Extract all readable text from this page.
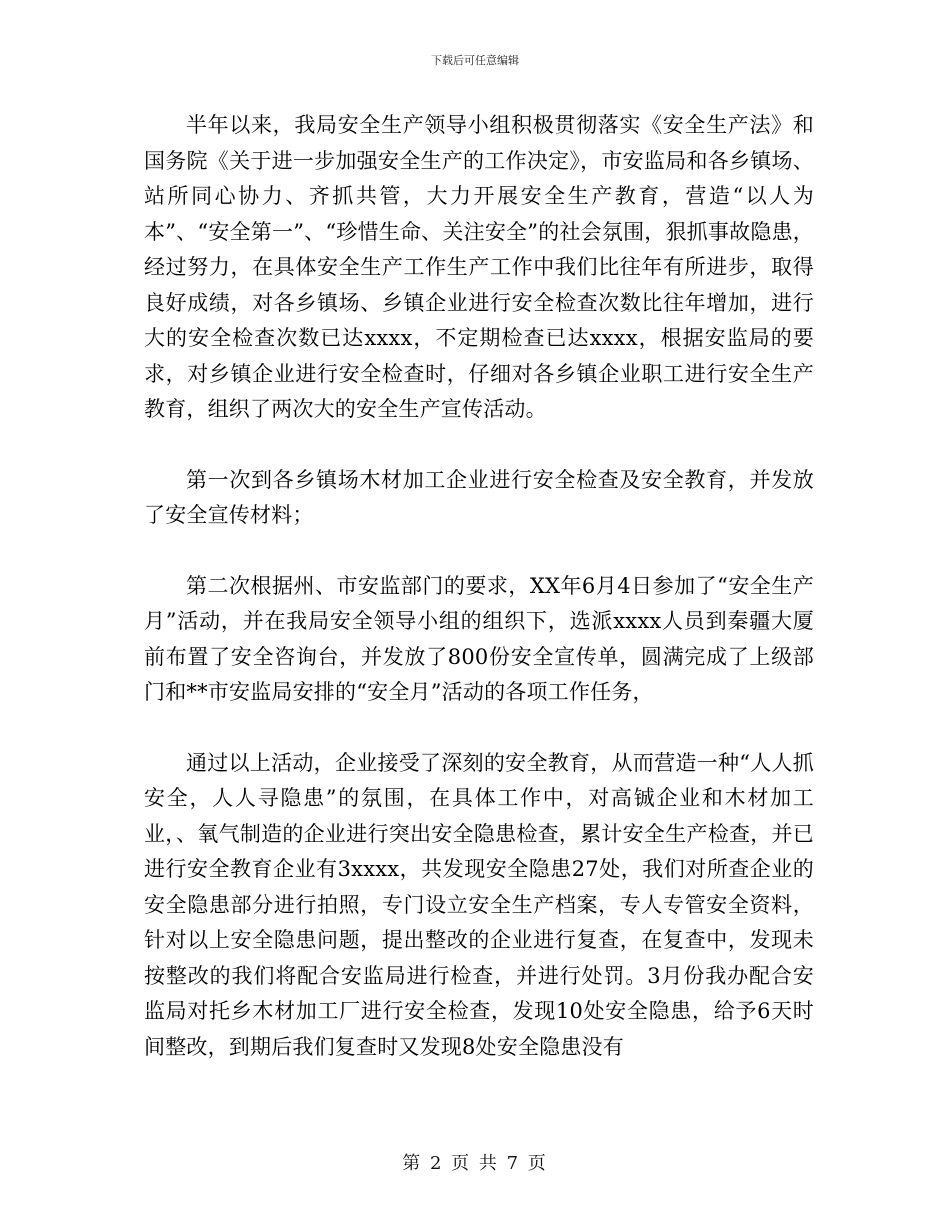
下载后可任意编辑

半年以来，我局安全生产领导小组积极贯彻落实《安全生产法》和国务院《关于进一步加强安全生产的工作决定》，市安监局和各乡镇场、站所同心协力、齐抓共管，大力开展安全生产教育，营造“以人为本”、“安全第一”、“珍惜生命、关注安全”的社会氛围，狠抓事故隐患，经过努力，在具体安全生产工作生产工作中我们比往年有所进步，取得良好成绩，对各乡镇场、乡镇企业进行安全检查次数比往年增加，进行大的安全检查次数已达xxxx，不定期检查已达xxxx，根据安监局的要求，对乡镇企业进行安全检查时，仔细对各乡镇企业职工进行安全生产教育，组织了两次大的安全生产宣传活动。

第一次到各乡镇场木材加工企业进行安全检查及安全教育，并发放了安全宣传材料；

第二次根据州、市安监部门的要求，XX年6月4日参加了“安全生产月”活动，并在我局安全领导小组的组织下，选派xxxx人员到秦疆大厦前布置了安全咨询台，并发放了800份安全宣传单，圆满完成了上级部门和**市安监局安排的“安全月”活动的各项工作任务，

通过以上活动，企业接受了深刻的安全教育，从而营造一种“人人抓安全，人人寻隐患”的氛围，在具体工作中，对高铖企业和木材加工业，、氧气制造的企业进行突出安全隐患检查，累计安全生产检查，并已进行安全教育企业有3xxxx，共发现安全隐患27处，我们对所查企业的安全隐患部分进行拍照，专门设立安全生产档案，专人专管安全资料，针对以上安全隐患问题，提出整改的企业进行复查，在复查中，发现未按整改的我们将配合安监局进行检查，并进行处罚。3月份我办配合安监局对托乡木材加工厂进行安全检查，发现10处安全隐患，给予6天时间整改，到期后我们复查时又发现8处安全隐患没有

第 2 页 共 7 页
